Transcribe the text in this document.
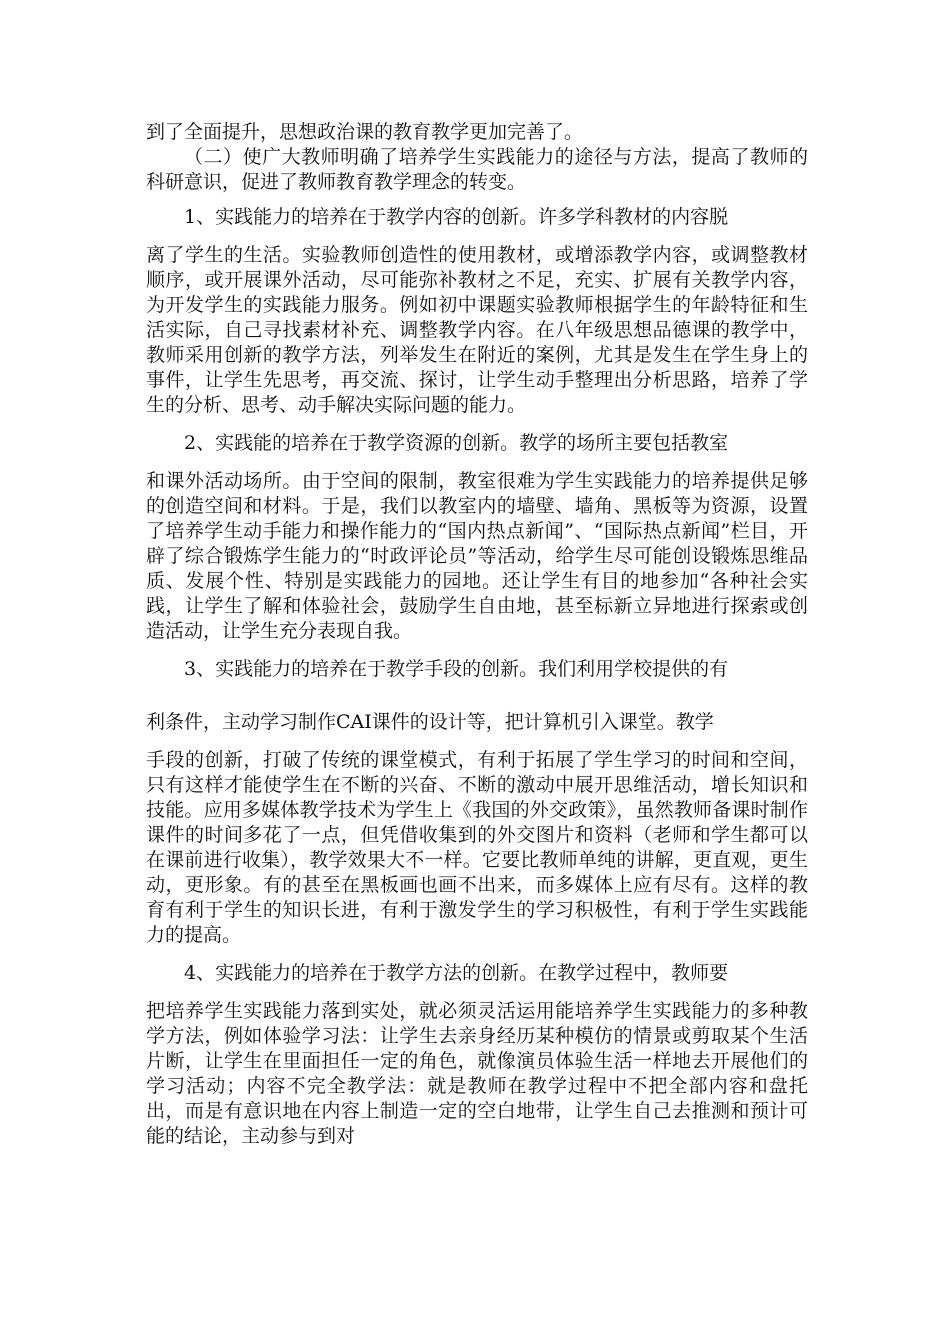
到了全面提升，思想政治课的教育教学更加完善了。

（二）使广大教师明确了培养学生实践能力的途径与方法，提高了教师的科研意识，促进了教师教育教学理念的转变。

1、实践能力的培养在于教学内容的创新。许多学科教材的内容脱

离了学生的生活。实验教师创造性的使用教材，或增添教学内容，或调整教材顺序，或开展课外活动，尽可能弥补教材之不足，充实、扩展有关教学内容，为开发学生的实践能力服务。例如初中课题实验教师根据学生的年龄特征和生活实际，自己寻找素材补充、调整教学内容。在八年级思想品德课的教学中，教师采用创新的教学方法，列举发生在附近的案例，尤其是发生在学生身上的事件，让学生先思考，再交流、探讨，让学生动手整理出分析思路，培养了学生的分析、思考、动手解决实际问题的能力。

2、实践能的培养在于教学资源的创新。教学的场所主要包括教室

和课外活动场所。由于空间的限制，教室很难为学生实践能力的培养提供足够的创造空间和材料。于是，我们以教室内的墙壁、墙角、黑板等为资源，设置了培养学生动手能力和操作能力的“国内热点新闻”、“国际热点新闻”栏目，开辟了综合锻炼学生能力的“时政评论员”等活动，给学生尽可能创设锻炼思维品质、发展个性、特别是实践能力的园地。还让学生有目的地参加“各种社会实践，让学生了解和体验社会，鼓励学生自由地，甚至标新立异地进行探索或创造活动，让学生充分表现自我。

3、实践能力的培养在于教学手段的创新。我们利用学校提供的有

利条件，主动学习制作CAI课件的设计等，把计算机引入课堂。教学

手段的创新，打破了传统的课堂模式，有利于拓展了学生学习的时间和空间，只有这样才能使学生在不断的兴奋、不断的激动中展开思维活动，增长知识和技能。应用多媒体教学技术为学生上《我国的外交政策》，虽然教师备课时制作课件的时间多花了一点，但凭借收集到的外交图片和资料（老师和学生都可以在课前进行收集），教学效果大不一样。它要比教师单纯的讲解，更直观，更生动，更形象。有的甚至在黑板画也画不出来，而多媒体上应有尽有。这样的教育有利于学生的知识长进，有利于激发学生的学习积极性，有利于学生实践能力的提高。

4、实践能力的培养在于教学方法的创新。在教学过程中，教师要

把培养学生实践能力落到实处，就必须灵活运用能培养学生实践能力的多种教学方法，例如体验学习法：让学生去亲身经历某种模仿的情景或剪取某个生活片断，让学生在里面担任一定的角色，就像演员体验生活一样地去开展他们的学习活动；内容不完全教学法：就是教师在教学过程中不把全部内容和盘托出，而是有意识地在内容上制造一定的空白地带，让学生自己去推测和预计可能的结论，主动参与到对
